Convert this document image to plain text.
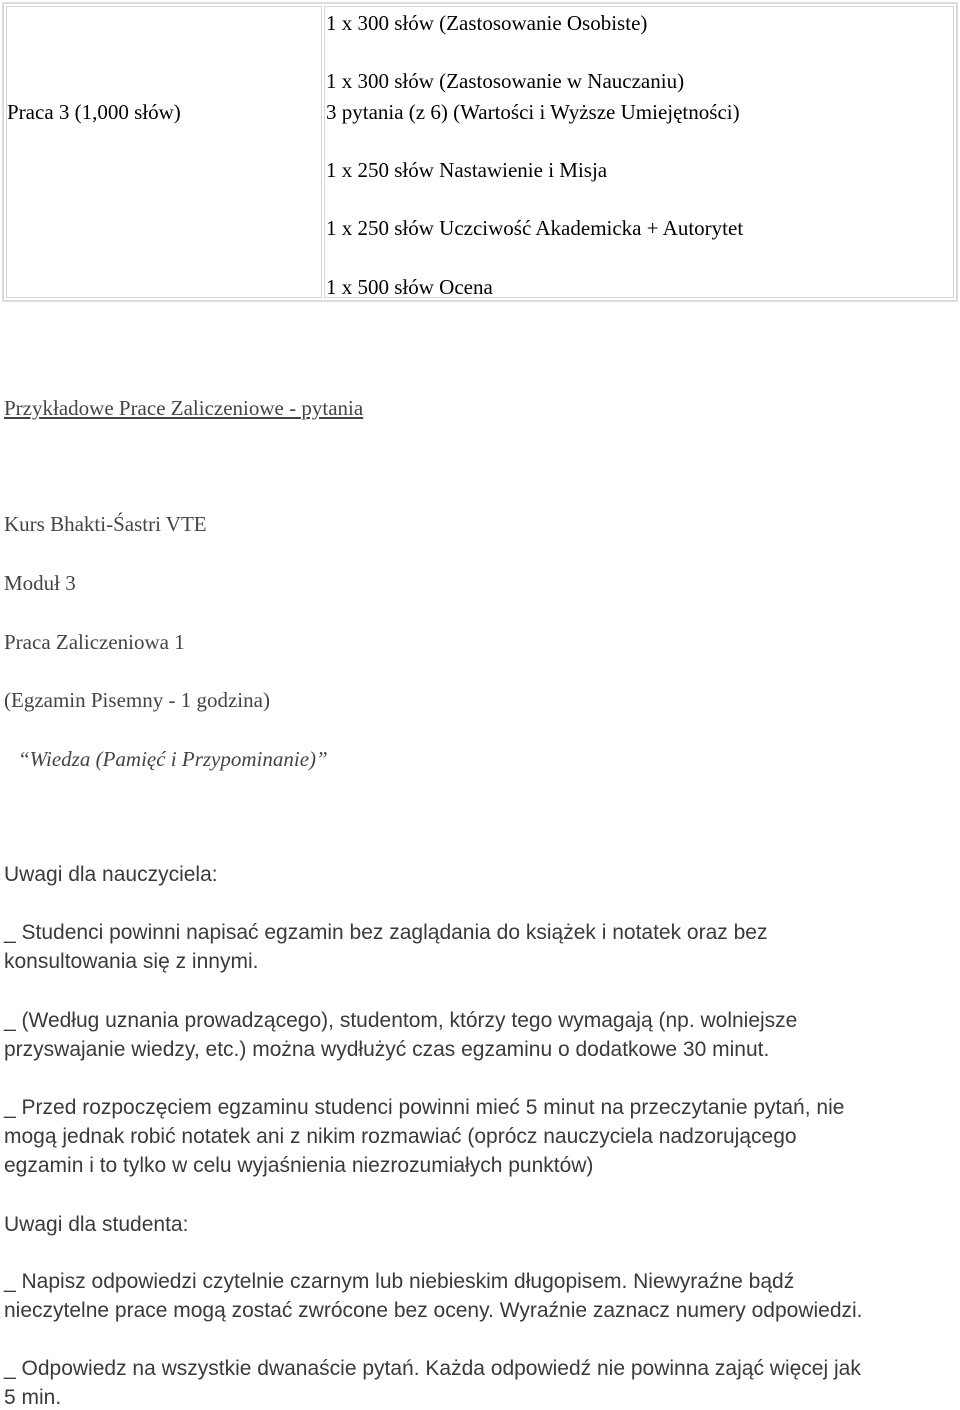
Praca 3 (1,000 słów)
1 x 300 słów (Zastosowanie Osobiste)
1 x 300 słów (Zastosowanie w Nauczaniu)
3 pytania (z 6) (Wartości i Wyższe Umiejętności)
1 x 250 słów Nastawienie i Misja
1 x 250 słów Uczciwość Akademicka + Autorytet
1 x 500 słów Ocena
Przykładowe Prace Zaliczeniowe - pytania
Kurs Bhakti-Śastri VTE
Moduł 3
Praca Zaliczeniowa 1
(Egzamin Pisemny - 1 godzina)
“Wiedza (Pamięć i Przypominanie)”
Uwagi dla nauczyciela:
_ Studenci powinni napisać egzamin bez zaglądania do książek i notatek oraz bez
konsultowania się z innymi.
_ (Według uznania prowadzącego), studentom, którzy tego wymagają (np. wolniejsze
przyswajanie wiedzy, etc.) można wydłużyć czas egzaminu o dodatkowe 30 minut.
_ Przed rozpoczęciem egzaminu studenci powinni mieć 5 minut na przeczytanie pytań, nie
mogą jednak robić notatek ani z nikim rozmawiać (oprócz nauczyciela nadzorującego
egzamin i to tylko w celu wyjaśnienia niezrozumiałych punktów)
Uwagi dla studenta:
_ Napisz odpowiedzi czytelnie czarnym lub niebieskim długopisem. Niewyraźne bądź
nieczytelne prace mogą zostać zwrócone bez oceny. Wyraźnie zaznacz numery odpowiedzi.
_ Odpowiedz na wszystkie dwanaście pytań. Każda odpowiedź nie powinna zająć więcej jak
5 min.
